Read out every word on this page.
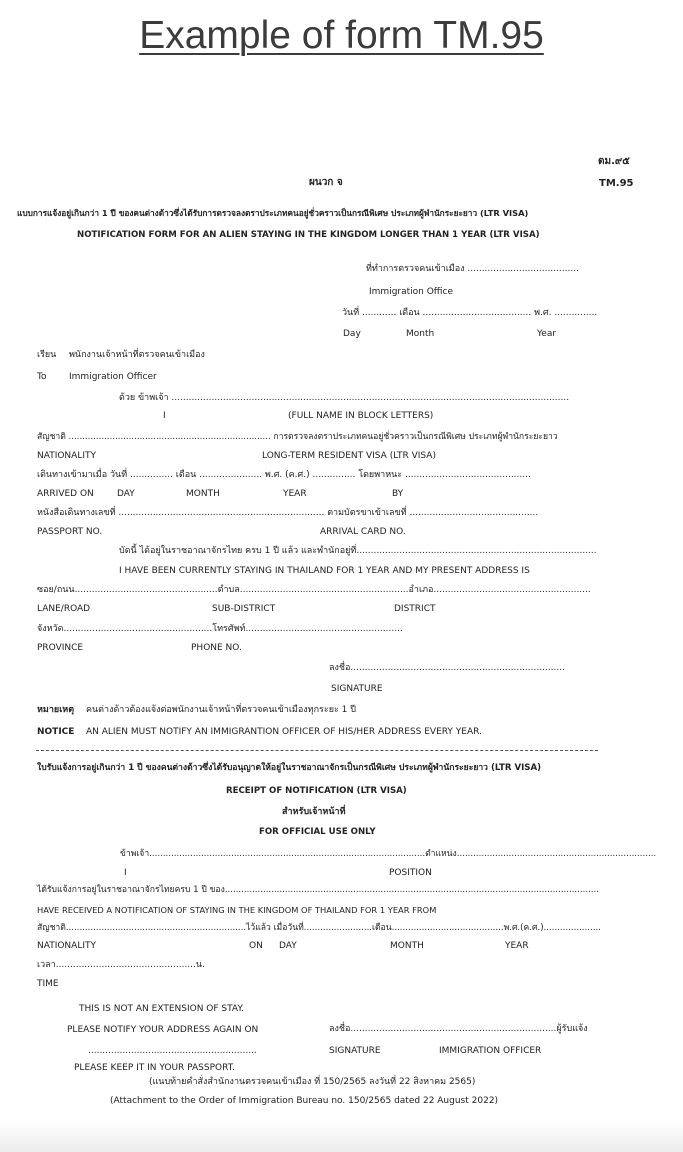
Example of form TM.95
ตม.๙๕
ผนวก จ	TM.95
แบบการแจ้งอยู่เกินกว่า 1 ปี ของคนต่างด้าวซึ่งได้รับการตรวจลงตราประเภทคนอยู่ชั่วคราวเป็นกรณีพิเศษ ประเภทผู้พำนักระยะยาว (LTR VISA)
NOTIFICATION FORM FOR AN ALIEN STAYING IN THE KINGDOM LONGER THAN 1 YEAR (LTR VISA)
ที่ทำการตรวจคนเข้าเมือง .......................................
Immigration Office
วันที่ ............ เดือน ...................................... พ.ศ. ...............
Day	Month	Year
เรียน พนักงานเจ้าหน้าที่ตรวจคนเข้าเมือง
To	Immigration Officer
ด้วย ข้าพเจ้า ...........................................................................................................................................
I	(FULL NAME IN BLOCK LETTERS)
สัญชาติ .......................................................................... การตรวจลงตราประเภทคนอยู่ชั่วคราวเป็นกรณีพิเศษ ประเภทผู้พำนักระยะยาว
NATIONALITY	LONG-TERM RESIDENT VISA (LTR VISA)
เดินทางเข้ามาเมื่อ วันที่ ............... เดือน ...................... พ.ศ. (ค.ศ.) ............... โดยพาหนะ ............................................
ARRIVED ON	DAY	MONTH	YEAR	BY
หนังสือเดินทางเลขที่ ........................................................................ ตามบัตรขาเข้าเลขที่ .............................................
PASSPORT NO.	ARRIVAL CARD NO.
บัดนี้ ได้อยู่ในราชอาณาจักรไทย ครบ 1 ปี แล้ว และพำนักอยู่ที่....................................................................................
I HAVE BEEN CURRENTLY STAYING IN THAILAND FOR 1 YEAR AND MY PRESENT ADDRESS IS
ซอย/ถนน..................................................ตำบล...........................................................อำเภอ.......................................................
LANE/ROAD	SUB-DISTRICT	DISTRICT
จังหวัด....................................................โทรศัพท์.......................................................
PROVINCE	PHONE NO.
ลงชื่อ...........................................................................
SIGNATURE
หมายเหตุ คนต่างด้าวต้องแจ้งต่อพนักงานเจ้าหน้าที่ตรวจคนเข้าเมืองทุกระยะ 1 ปี
NOTICE AN ALIEN MUST NOTIFY AN IMMIGRANTION OFFICER OF HIS/HER ADDRESS EVERY YEAR.
ใบรับแจ้งการอยู่เกินกว่า 1 ปี ของคนต่างด้าวซึ่งได้รับอนุญาตให้อยู่ในราชอาณาจักรเป็นกรณีพิเศษ ประเภทผู้พำนักระยะยาว (LTR VISA)
RECEIPT OF NOTIFICATION (LTR VISA)
สำหรับเจ้าหน้าที่
FOR OFFICIAL USE ONLY
ข้าพเจ้า.....................................................................................................ตำแหน่ง.........................................................................
I	POSITION
ได้รับแจ้งการอยู่ในราชอาณาจักรไทยครบ 1 ปี ของ.........................................................................................................................................
HAVE RECEIVED A NOTIFICATION OF STAYING IN THE KINGDOM OF THAILAND FOR 1 YEAR FROM
สัญชาติ..................................................................ไว้แล้ว เมื่อวันที่.........................เดือน.........................................พ.ศ.(ค.ศ.).....................
NATIONALITY	ON DAY	MONTH	YEAR
เวลา.................................................น.
TIME
THIS IS NOT AN EXTENSION OF STAY.
PLEASE NOTIFY YOUR ADDRESS AGAIN ON	ลงชื่อ........................................................................ผู้รับแจ้ง
...........................................................	SIGNATURE	IMMIGRATION OFFICER
PLEASE KEEP IT IN YOUR PASSPORT.
(แนบท้ายคำสั่งสำนักงานตรวจคนเข้าเมือง ที่ 150/2565 ลงวันที่ 22 สิงหาคม 2565)
(Attachment to the Order of Immigration Bureau no. 150/2565 dated 22 August 2022)
